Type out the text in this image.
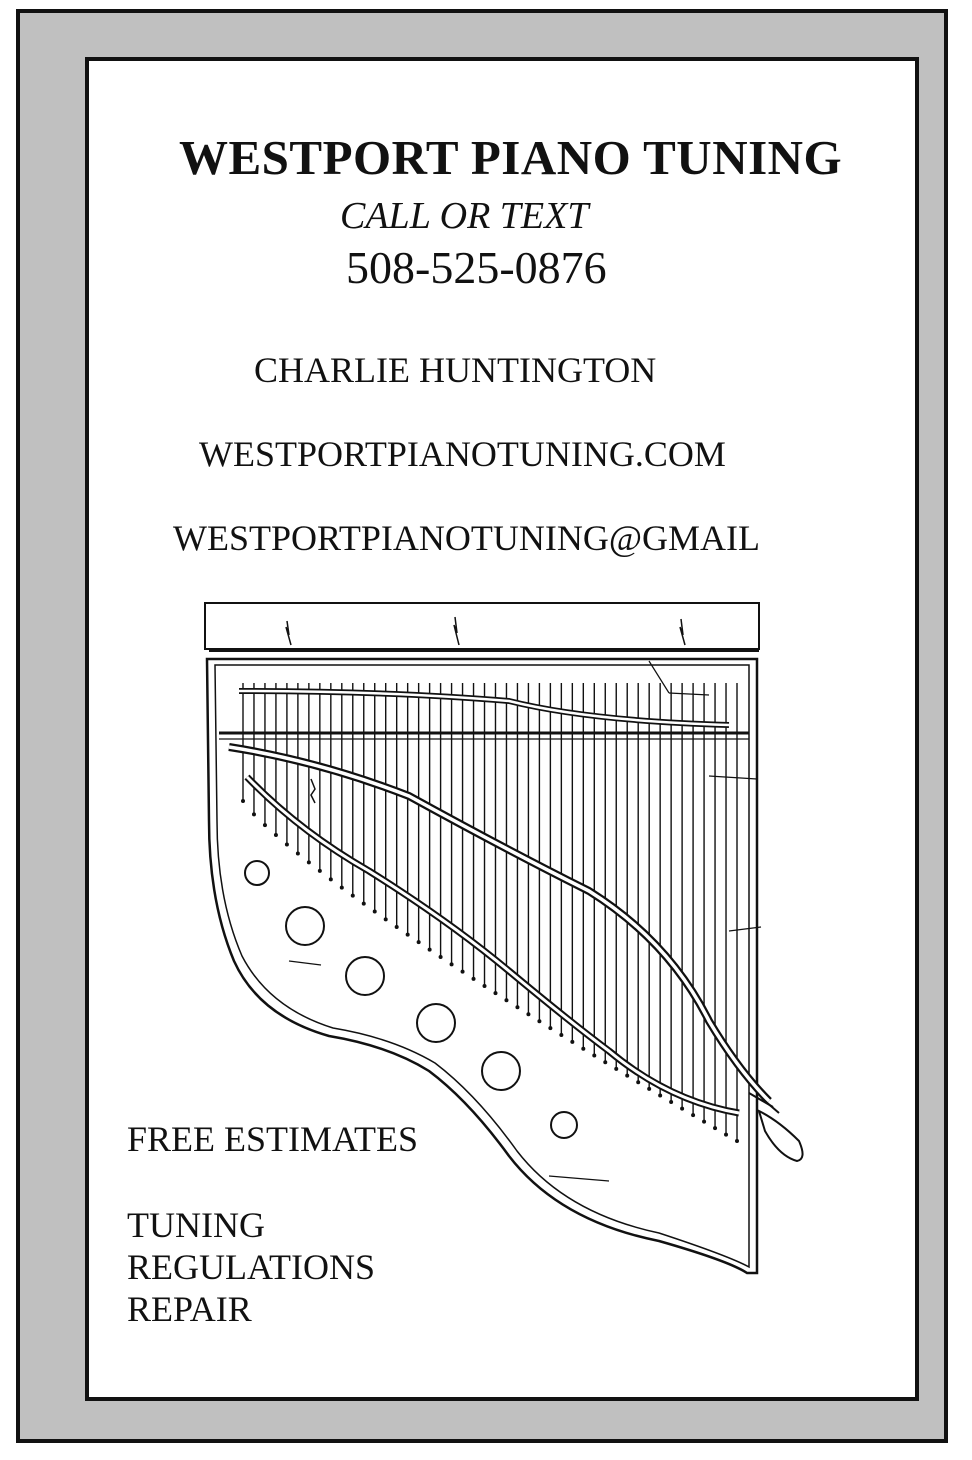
WESTPORT PIANO TUNING
CALL OR TEXT
508-525-0876
CHARLIE HUNTINGTON
WESTPORTPIANOTUNING.COM
WESTPORTPIANOTUNING@GMAIL
FREE ESTIMATES
TUNING
REGULATIONS
REPAIR
